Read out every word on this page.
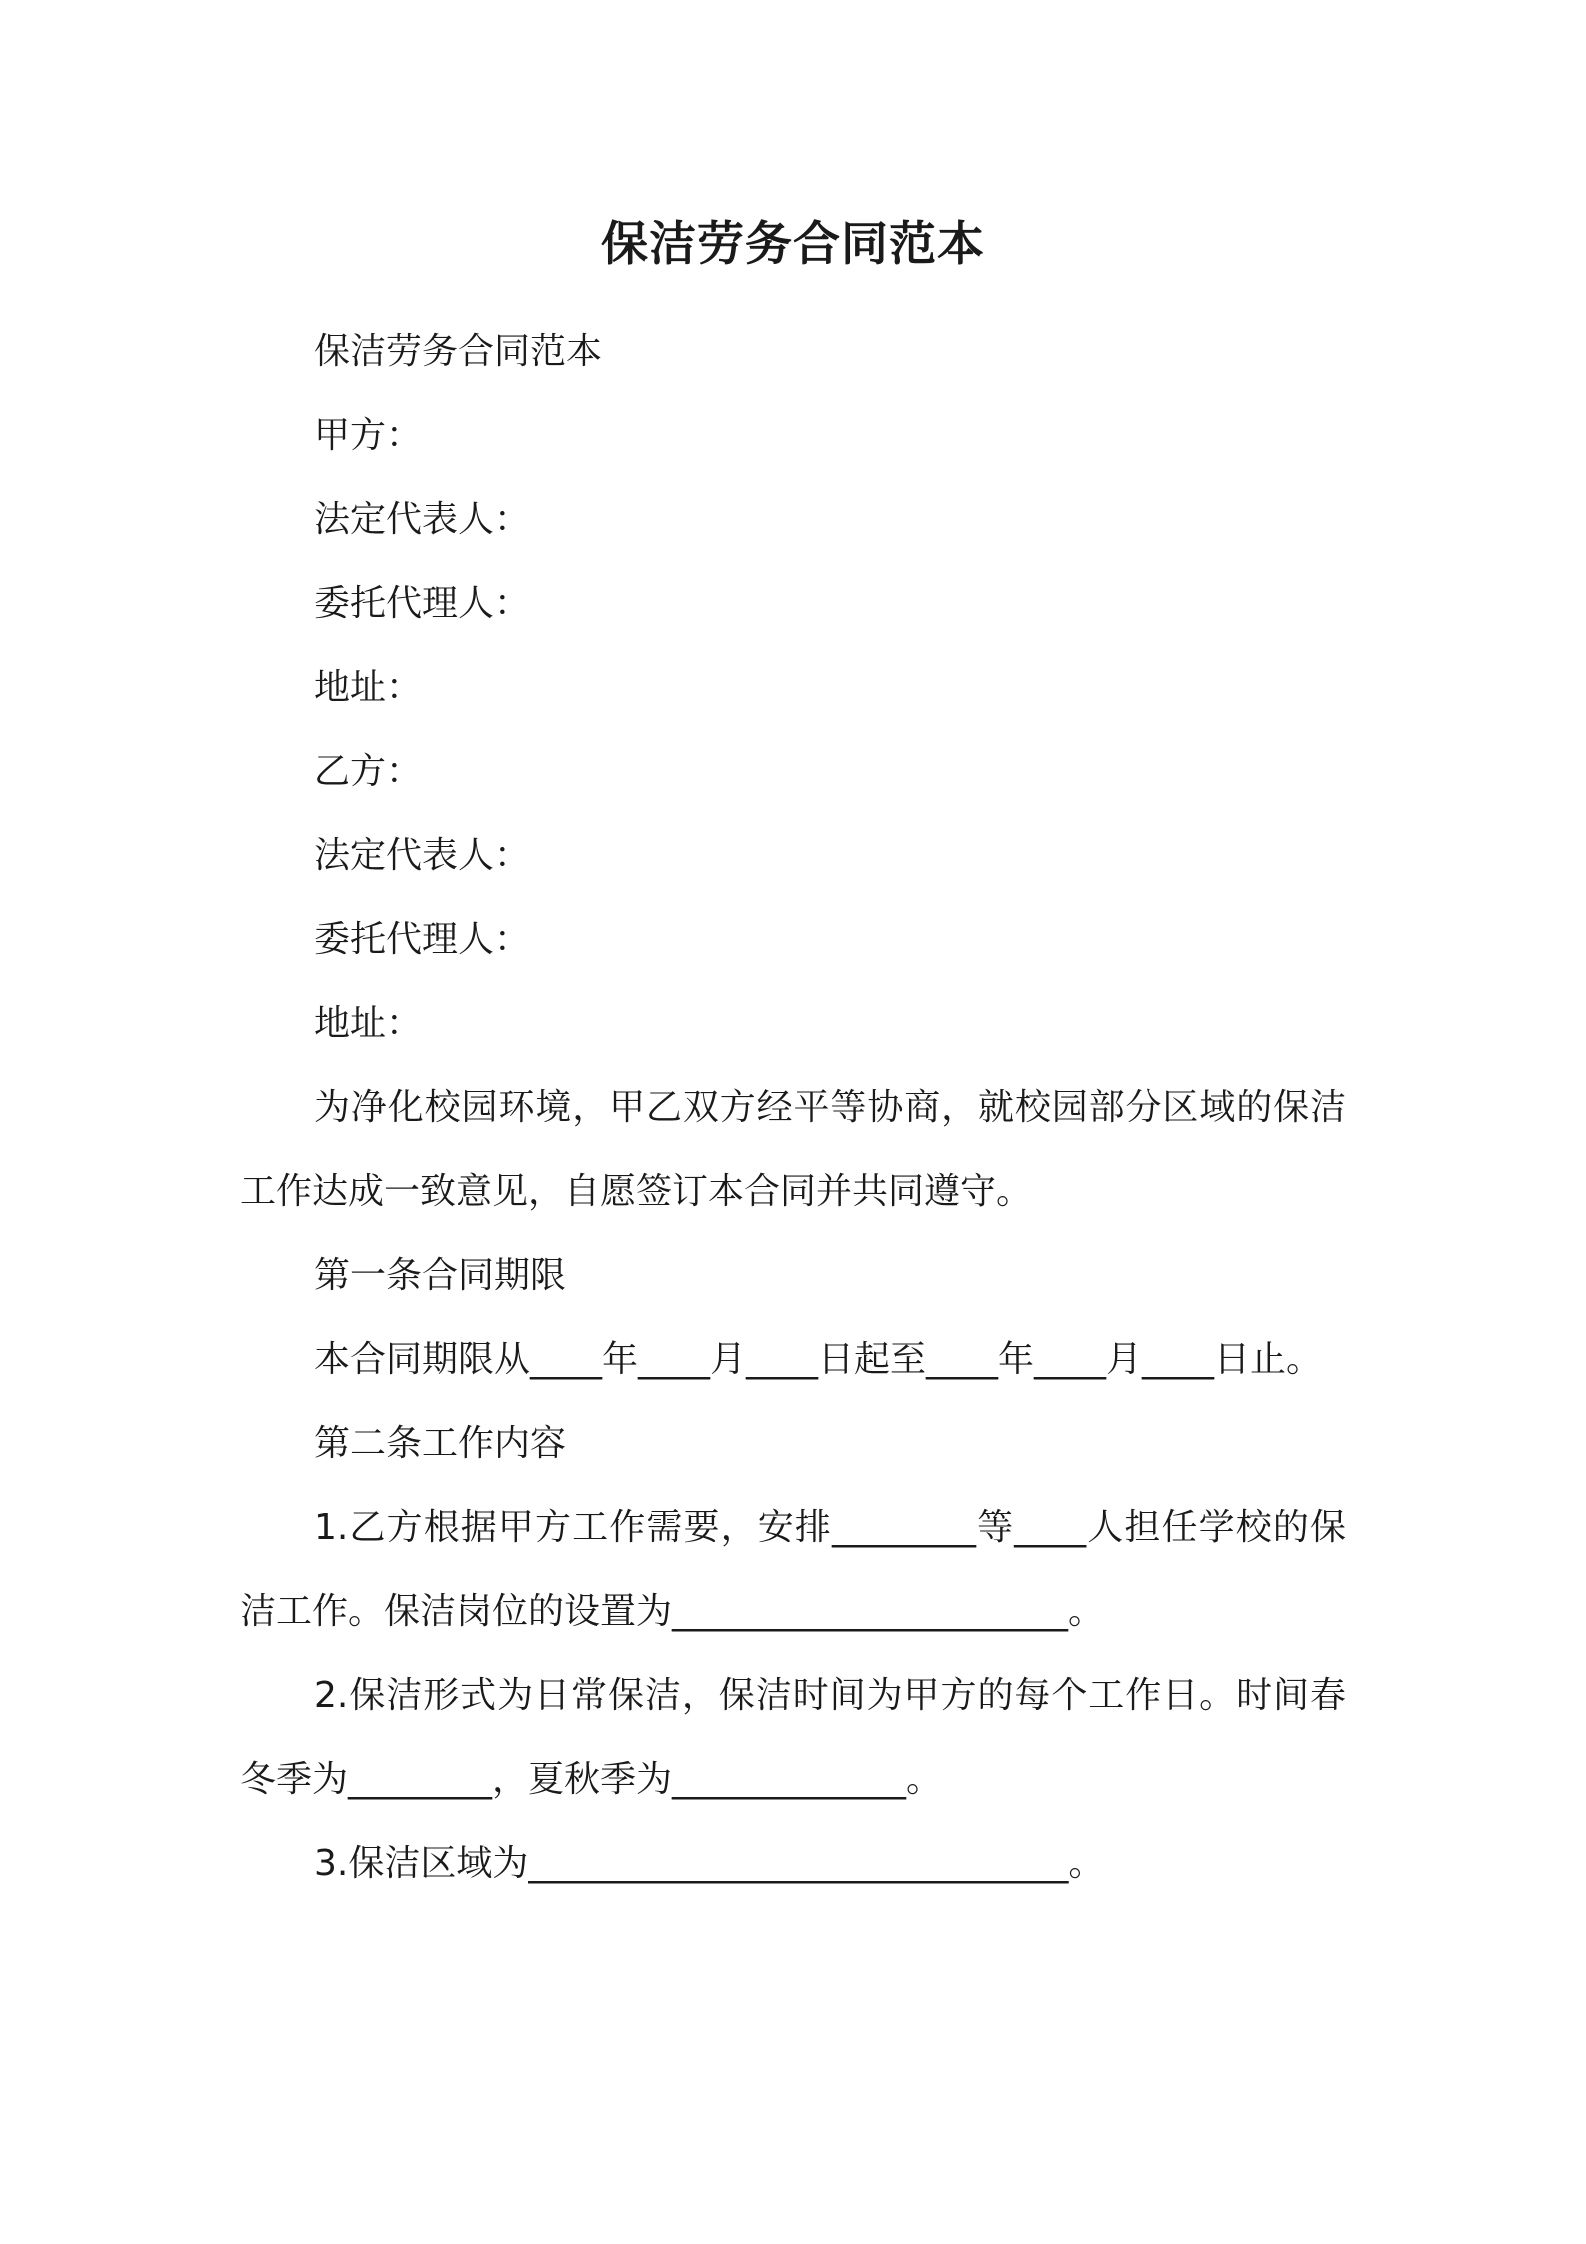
保洁劳务合同范本

保洁劳务合同范本

甲方：

法定代表人：

委托代理人：

地址：

乙方：

法定代表人：

委托代理人：

地址：

为净化校园环境，甲乙双方经平等协商，就校园部分区域的保洁工作达成一致意见，自愿签订本合同并共同遵守。

第一条合同期限

本合同期限从____年____月____日起至____年____月____日止。

第二条工作内容

1.乙方根据甲方工作需要，安排________等____人担任学校的保洁工作。保洁岗位的设置为______________________。

2.保洁形式为日常保洁，保洁时间为甲方的每个工作日。时间春冬季为________，夏秋季为_____________。

3.保洁区域为______________________________。
